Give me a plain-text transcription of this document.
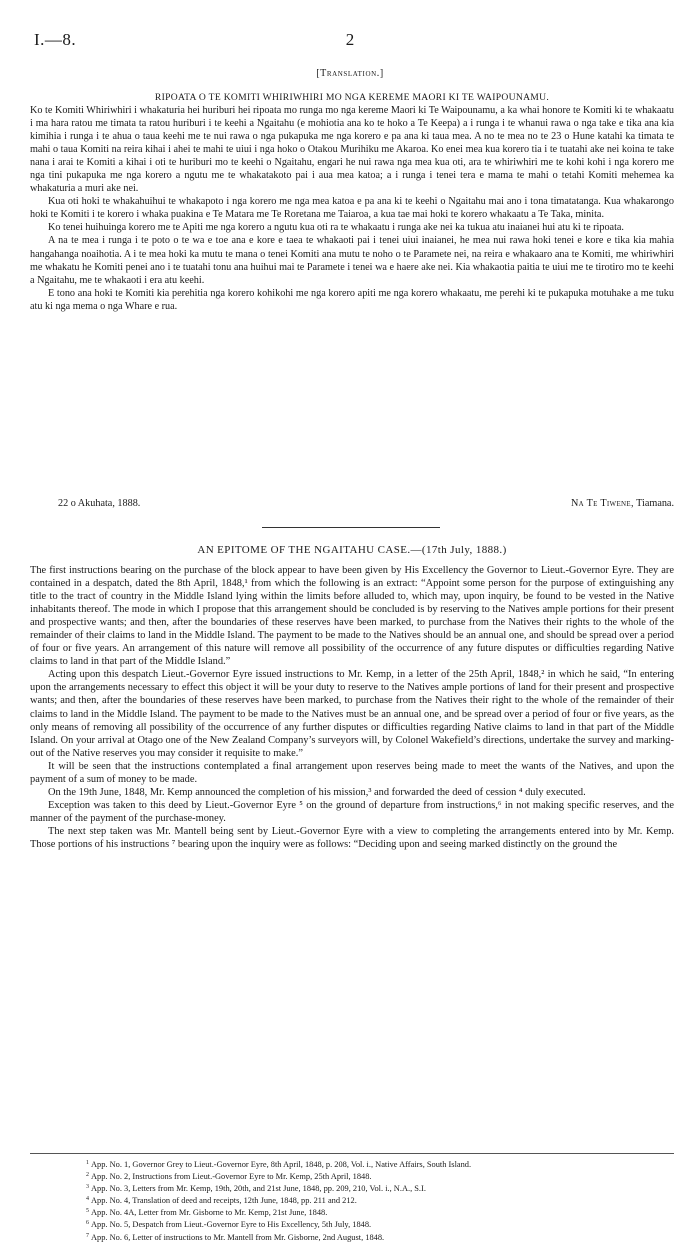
I.—8.	2
[Translation.]
RIPOATA O TE KOMITI WHIRIWHIRI MO NGA KEREME MAORI KI TE WAIPOUNAMU.

Ko te Komiti Whiriwhiri i whakaturia hei huriburi hei ripoata mo runga mo nga kereme Maori ki Te Waipounamu, a ka whai honore te Komiti ki te whakaatu i ma hara ratou me timata ta ratou huriburi i te keehi a Ngaitahu (e mohiotia ana ko te hoko a Te Keepa) a i runga i te whanui rawa o nga take e tika ana kia kimihia i runga i te ahua o taua keehi me te nui rawa o nga pukapuka me nga korero e pa ana ki taua mea. A no te mea no te 23 o Hune katahi ka timata te mahi o taua Komiti na reira kihai i ahei te mahi te uiui i nga hoko o Otakou Murihiku me Akaroa. Ko enei mea kua korero tia i te tuatahi ake nei koina te take nana i arai te Komiti a kihai i oti te huriburi mo te keehi o Ngaitahu, engari he nui rawa nga mea kua oti, ara te whiriwhiri me te kohi kohi i nga korero me nga tini pukapuka me nga korero a ngutu me te whakatakoto pai i aua mea katoa; a i runga i tenei tera e mama te mahi o tetahi Komiti mehemea ka whakaturia a muri ake nei.

Kua oti hoki te whakahuihui te whakapoto i nga korero me nga mea katoa e pa ana ki te keehi o Ngaitahu mai ano i tona timatatanga. Kua whakarongo hoki te Komiti i te korero i whaka puakina e Te Matara me Te Roretana me Taiaroa, a kua tae mai hoki te korero whakaatu a Te Taka, minita.

Ko tenei huihuinga korero me te Apiti me nga korero a ngutu kua oti ra te whakaatu i runga ake nei ka tukua atu inaianei hui atu ki te ripoata.

A na te mea i runga i te poto o te wa e toe ana e kore e taea te whakaoti pai i tenei uiui inaianei, he mea nui rawa hoki tenei e kore e tika kia mahia hangahanga noaihotia. A i te mea hoki ka mutu te mana o tenei Komiti ana mutu te noho o te Paramete nei, na reira e whakaaro ana te Komiti, me whiriwhiri me whakatu he Komiti penei ano i te tuatahi tonu ana huihui mai te Paramete i tenei wa e haere ake nei. Kia whakaotia paitia te uiui me te tirotiro mo te keehi a Ngaitahu, me te whakaoti i era atu keehi.

E tono ana hoki te Komiti kia perehitia nga korero kohikohi me nga korero apiti me nga korero whakaatu, me perehi ki te pukapuka motuhake a me tuku atu ki nga mema o nga Whare e rua.

22 o Akuhata, 1888.	Na Te Tiwene, Tiamana.
AN EPITOME OF THE NGAITAHU CASE.—(17th July, 1888.)

The first instructions bearing on the purchase of the block appear to have been given by His Excellency the Governor to Lieut.-Governor Eyre. They are contained in a despatch, dated the 8th April, 1848,¹ from which the following is an extract: “Appoint some person for the purpose of extinguishing any title to the tract of country in the Middle Island lying within the limits before alluded to, which may, upon inquiry, be found to be vested in the Native inhabitants thereof. The mode in which I propose that this arrangement should be concluded is by reserving to the Natives ample portions for their present and prospective wants; and then, after the boundaries of these reserves have been marked, to purchase from the Natives their rights to the whole of the remainder of their claims to land in the Middle Island. The payment to be made to the Natives should be an annual one, and should be spread over a period of four or five years. An arrangement of this nature will remove all possibility of the occurrence of any future disputes or difficulties regarding Native claims to land in that part of the Middle Island.”

Acting upon this despatch Lieut.-Governor Eyre issued instructions to Mr. Kemp, in a letter of the 25th April, 1848,² in which he said, “In entering upon the arrangements necessary to effect this object it will be your duty to reserve to the Natives ample portions of land for their present and prospective wants; and then, after the boundaries of these reserves have been marked, to purchase from the Natives their right to the whole of the remainder of their claims to land in the Middle Island. The payment to be made to the Natives must be an annual one, and be spread over a period of four or five years, as the only means of removing all possibility of the occurrence of any further disputes or difficulties regarding Native claims to land in that part of the Middle Island. On your arrival at Otago one of the New Zealand Company’s surveyors will, by Colonel Wakefield’s directions, undertake the survey and marking-out of the Native reserves you may consider it requisite to make.”

It will be seen that the instructions contemplated a final arrangement upon reserves being made to meet the wants of the Natives, and upon the payment of a sum of money to be made.

On the 19th June, 1848, Mr. Kemp announced the completion of his mission,³ and forwarded the deed of cession ⁴ duly executed.

Exception was taken to this deed by Lieut.-Governor Eyre ⁵ on the ground of departure from instructions,⁶ in not making specific reserves, and the manner of the payment of the purchase-money.

The next step taken was Mr. Mantell being sent by Lieut.-Governor Eyre with a view to completing the arrangements entered into by Mr. Kemp. Those portions of his instructions ⁷ bearing upon the inquiry were as follows: “Deciding upon and seeing marked distinctly on the ground the

$^1$ App. No. 1, Governor Grey to Lieut.-Governor Eyre, 8th April, 1848, p. 208, Vol. i., Native Affairs, South Island.

$^2$ App. No. 2, Instructions from Lieut.-Governor Eyre to Mr. Kemp, 25th April, 1848.

$^3$ App. No. 3, Letters from Mr. Kemp, 19th, 20th, and 21st June, 1848, pp. 209, 210, Vol. i., N.A., S.I.

$^4$ App. No. 4, Translation of deed and receipts, 12th June, 1848, pp. 211 and 212.

$^5$ App. No. 4A, Letter from Mr. Gisborne to Mr. Kemp, 21st June, 1848.

$^6$ App. No. 5, Despatch from Lieut.-Governor Eyre to His Excellency, 5th July, 1848.

$^7$ App. No. 6, Letter of instructions to Mr. Mantell from Mr. Gisborne, 2nd August, 1848.
